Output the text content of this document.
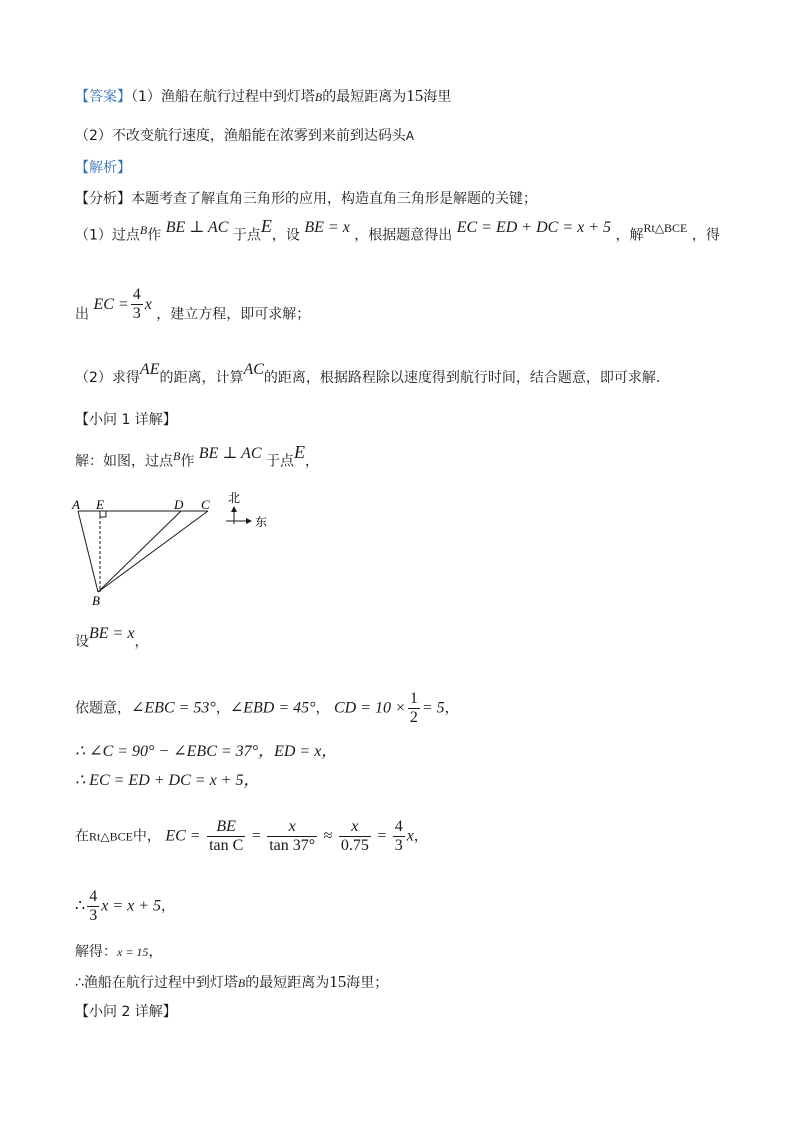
【答案】（1）渔船在航行过程中到灯塔B的最短距离为15海里
（2）不改变航行速度，渔船能在浓雾到来前到达码头A
【解析】
【分析】本题考查了解直角三角形的应用，构造直角三角形是解题的关键；
（1）过点$^B$作 BE ⊥ AC 于点E，设 BE = x ，根据题意得出 EC = ED + DC = x + 5 ，解Rt△BCE ，得
出 EC = $\frac{4}{3}$ x ，建立方程，即可求解；
（2）求得AE的距离，计算AC的距离，根据路程除以速度得到航行时间，结合题意，即可求解.
【小问 1 详解】
解：如图，过点$^B$作 BE ⊥ AC 于点E，
A E	D C
B
北
东
设BE = x，
依题意，∠EBC = 53°，∠EBD = 45°， CD = $10 \times \frac{1}{2} = 5$，
∴ ∠C = 90° − ∠EBC = 37°，ED = x，
∴ EC = ED + DC = x + 5，
在Rt△BCE中， EC = $\frac{BE}{\text{tan C}} = \frac{x}{\tan 37^\circ} \approx \frac{x}{0.75} = \frac{4}{3}$ x，
∴ $\frac{4}{3}$ x = x + 5，
解得：x = 15，
∴渔船在航行过程中到灯塔B的最短距离为15海里；
【小问 2 详解】
